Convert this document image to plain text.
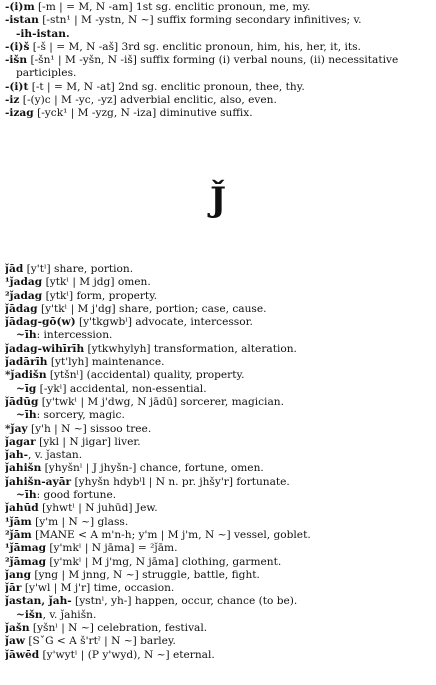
-(i)m [-m | = M, N -am] 1st sg. enclitic pronoun, me, my.
-istan [-stn¹ | M -ystn, N ~] suffix forming secondary infinitives; v.
-ih-istan.
-(i)š [-š | = M, N -aš] 3rd sg. enclitic pronoun, him, his, her, it, its.
-išn [-šn¹ | M -yšn, N -iš] suffix forming (i) verbal nouns, (ii) necessitative
participles.
-(i)t [-t | = M, N -at] 2nd sg. enclitic pronoun, thee, thy.
-iz [-(y)c | M -yc, -yz] adverbial enclitic, also, even.
-izag [-yck¹ | M -yzg, N -iza] diminutive suffix.
J̌
ǰād [y'tˡ] share, portion.
¹ǰadag [ytkˡ | M jdg] omen.
²ǰadag [ytkˡ] form, property.
ǰādag [y'tkˡ | M j'dg] share, portion; case, cause.
ǰādag-gō(w) [y'tkgwbˡ] advocate, intercessor.
~īh: intercession.
ǰadag-wihīrīh [ytkwhylyh] transformation, alteration.
ǰadārīh [yt'lyh] maintenance.
*ǰadišn [ytšnˡ] (accidental) quality, property.
~īg [-ykˡ] accidental, non-essential.
ǰādūg [y'twkˡ | M j'dwg, N jādū] sorcerer, magician.
~īh: sorcery, magic.
*ǰay [y'h | N ~] sissoo tree.
ǰagar [ykl | N jigar] liver.
ǰah-, v. ǰastan.
ǰahišn [yhyšnˡ | J jhyšn-] chance, fortune, omen.
ǰahišn-ayār [yhyšn hdybˡl | N n. pr. jhšy'r] fortunate.
~īh: good fortune.
ǰahūd [yhwtˡ | N juhūd] Jew.
¹ǰām [y'm | N ~] glass.
²ǰām [MANE < A m'n-h; y'm | M j'm, N ~] vessel, goblet.
¹ǰāmag [y'mkˡ | N jāma] = ²ǰām.
²ǰāmag [y'mkˡ | M j'mg, N jāma] clothing, garment.
ǰang [yng | M jnng, N ~] struggle, battle, fight.
ǰār [y'wl | M j'r] time, occasion.
ǰastan, ǰah- [ystnˡ, yh-] happen, occur, chance (to be).
~išn, v. ǰahišn.
ǰašn [yšnˡ | N ~] celebration, festival.
ǰaw [SˇG < A š'rtˀ | N ~] barley.
ǰāwēd [y'wytˡ | (P y'wyd), N ~] eternal.
